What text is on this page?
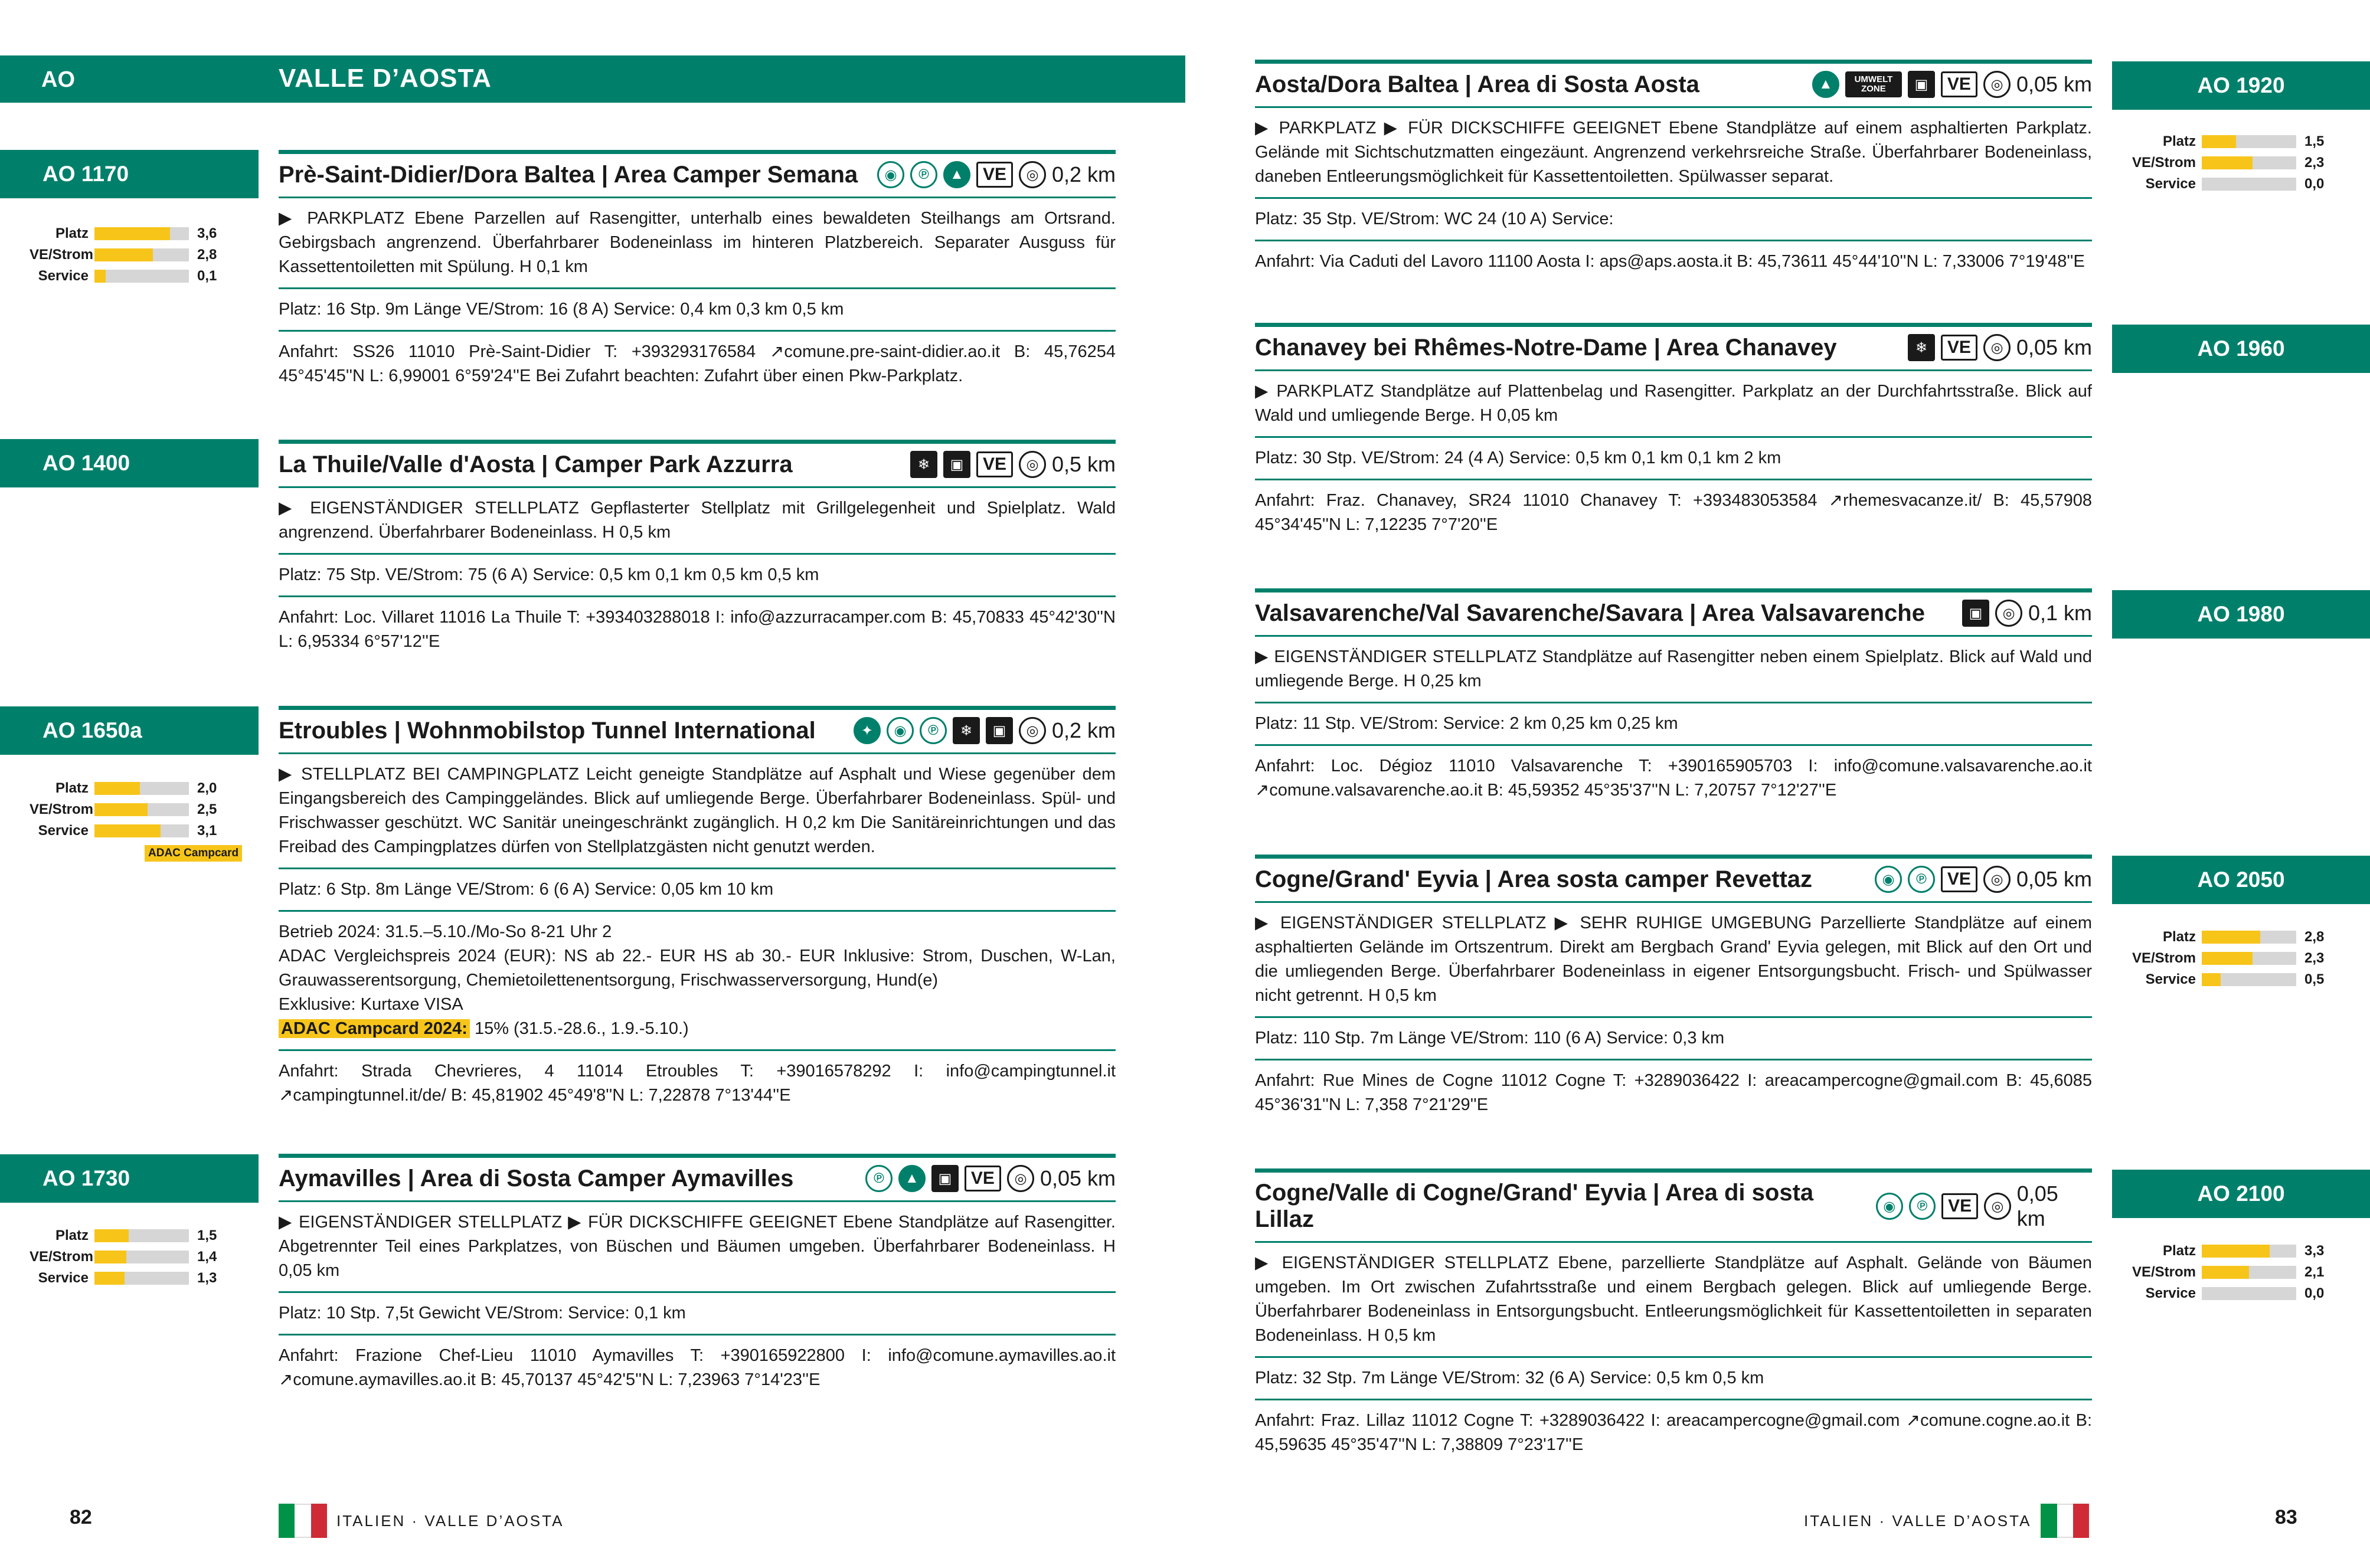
AO	VALLE D’AOSTA
AO 1170
Platz	3,6
VE/Strom	2,8
Service	0,1
Prè-Saint-Didier/Dora Baltea | Area Camper Semana	◉	℗	▲	VE	◎ 0,2 km
▶ PARKPLATZ Ebene Parzellen auf Rasengitter, unterhalb eines bewaldeten Steilhangs am Ortsrand. Gebirgsbach angrenzend. Überfahrbarer Bodeneinlass im hinteren Platzbereich. Separater Ausguss für Kassettentoiletten mit Spülung. H 0,1 km
Platz: 16 Stp. 9m Länge VE/Strom: 16 (8 A) Service: 0,4 km 0,3 km 0,5 km
Anfahrt: SS26 11010 Prè-Saint-Didier T: +393293176584 ↗comune.pre-saint-didier.ao.it B: 45,76254 45°45'45''N L: 6,99001 6°59'24''E Bei Zufahrt beachten: Zufahrt über einen Pkw-Parkplatz.
AO 1400	La Thuile/Valle d'Aosta | Camper Park Azzurra	❄	▣	VE	◎ 0,5 km
▶ EIGENSTÄNDIGER STELLPLATZ Gepflasterter Stellplatz mit Grillgelegenheit und Spielplatz. Wald angrenzend. Überfahrbarer Bodeneinlass. H 0,5 km
Platz: 75 Stp. VE/Strom: 75 (6 A) Service: 0,5 km 0,1 km 0,5 km 0,5 km
Anfahrt: Loc. Villaret 11016 La Thuile T: +393403288018 I: info@azzurracamper.com B: 45,70833 45°42'30''N L: 6,95334 6°57'12''E
AO 1650a
Platz	2,0
VE/Strom	2,5
Service	3,1
ADAC Campcard
Etroubles | Wohnmobilstop Tunnel International	✦	◉	℗	❄	▣	◎ 0,2 km
▶ STELLPLATZ BEI CAMPINGPLATZ Leicht geneigte Standplätze auf Asphalt und Wiese gegenüber dem Eingangsbereich des Campinggeländes. Blick auf umliegende Berge. Überfahrbarer Bodeneinlass. Spül- und Frischwasser geschützt. WC Sanitär uneingeschränkt zugänglich. H 0,2 km Die Sanitäreinrichtungen und das Freibad des Campingplatzes dürfen von Stellplatzgästen nicht genutzt werden.
Platz: 6 Stp. 8m Länge VE/Strom: 6 (6 A) Service: 0,05 km 10 km
Betrieb 2024: 31.5.–5.10./Mo-So 8-21 Uhr 2
ADAC Vergleichspreis 2024 (EUR): NS ab 22.- EUR HS ab 30.- EUR Inklusive: Strom, Duschen, W-Lan, Grauwasserentsorgung, Chemietoilettenentsorgung, Frischwasserversorgung, Hund(e)
Exklusive: Kurtaxe VISA
ADAC Campcard 2024: 15% (31.5.-28.6., 1.9.-5.10.)
Anfahrt: Strada Chevrieres, 4 11014 Etroubles T: +39016578292 I: info@campingtunnel.it ↗campingtunnel.it/de/ B: 45,81902 45°49'8''N L: 7,22878 7°13'44''E
AO 1730
Platz	1,5
VE/Strom	1,4
Service	1,3
Aymavilles | Area di Sosta Camper Aymavilles	℗	▲	▣	VE	◎ 0,05 km
▶ EIGENSTÄNDIGER STELLPLATZ ▶ FÜR DICKSCHIFFE GEEIGNET Ebene Standplätze auf Rasengitter. Abgetrennter Teil eines Parkplatzes, von Büschen und Bäumen umgeben. Überfahrbarer Bodeneinlass. H 0,05 km
Platz: 10 Stp. 7,5t Gewicht VE/Strom: Service: 0,1 km
Anfahrt: Frazione Chef-Lieu 11010 Aymavilles T: +390165922800 I: info@comune.aymavilles.ao.it ↗comune.aymavilles.ao.it B: 45,70137 45°42'5''N L: 7,23963 7°14'23''E
AO 1920
Platz	1,5
VE/Strom	2,3
Service	0,0
Aosta/Dora Baltea | Area di Sosta Aosta	▲	UMWELT ZONE	▣	VE	◎ 0,05 km
▶ PARKPLATZ ▶ FÜR DICKSCHIFFE GEEIGNET Ebene Standplätze auf einem asphaltierten Parkplatz. Gelände mit Sichtschutzmatten eingezäunt. Angrenzend verkehrsreiche Straße. Überfahrbarer Bodeneinlass, daneben Entleerungsmöglichkeit für Kassettentoiletten. Spülwasser separat.
Platz: 35 Stp. VE/Strom: WC 24 (10 A) Service:
Anfahrt: Via Caduti del Lavoro 11100 Aosta I: aps@aps.aosta.it B: 45,73611 45°44'10''N L: 7,33006 7°19'48''E
AO 1960
Chanavey bei Rhêmes-Notre-Dame | Area Chanavey	❄	VE	◎ 0,05 km
▶ PARKPLATZ Standplätze auf Plattenbelag und Rasengitter. Parkplatz an der Durchfahrtsstraße. Blick auf Wald und umliegende Berge. H 0,05 km
Platz: 30 Stp. VE/Strom: 24 (4 A) Service: 0,5 km 0,1 km 0,1 km 2 km
Anfahrt: Fraz. Chanavey, SR24 11010 Chanavey T: +393483053584 ↗rhemesvacanze.it/ B: 45,57908 45°34'45''N L: 7,12235 7°7'20''E
AO 1980
Valsavarenche/Val Savarenche/Savara | Area Valsavarenche	▣	◎ 0,1 km
▶ EIGENSTÄNDIGER STELLPLATZ Standplätze auf Rasengitter neben einem Spielplatz. Blick auf Wald und umliegende Berge. H 0,25 km
Platz: 11 Stp. VE/Strom: Service: 2 km 0,25 km 0,25 km
Anfahrt: Loc. Dégioz 11010 Valsavarenche T: +390165905703 I: info@comune.valsavarenche.ao.it ↗comune.valsavarenche.ao.it B: 45,59352 45°35'37''N L: 7,20757 7°12'27''E
AO 2050
Platz	2,8
VE/Strom	2,3
Service	0,5
Cogne/Grand' Eyvia | Area sosta camper Revettaz	◉	℗	VE	◎ 0,05 km
▶ EIGENSTÄNDIGER STELLPLATZ ▶ SEHR RUHIGE UMGEBUNG Parzellierte Standplätze auf einem asphaltierten Gelände im Ortszentrum. Direkt am Bergbach Grand' Eyvia gelegen, mit Blick auf den Ort und die umliegenden Berge. Überfahrbarer Bodeneinlass in eigener Entsorgungsbucht. Frisch- und Spülwasser nicht getrennt. H 0,5 km
Platz: 110 Stp. 7m Länge VE/Strom: 110 (6 A) Service: 0,3 km
Anfahrt: Rue Mines de Cogne 11012 Cogne T: +3289036422 I: areacampercogne@gmail.com B: 45,6085 45°36'31''N L: 7,358 7°21'29''E
AO 2100
Platz	3,3
VE/Strom	2,1
Service	0,0
Cogne/Valle di Cogne/Grand' Eyvia | Area di sosta Lillaz	◉	℗	VE	◎
0,05 km
▶ EIGENSTÄNDIGER STELLPLATZ Ebene, parzellierte Standplätze auf Asphalt. Gelände von Bäumen umgeben. Im Ort zwischen Zufahrtsstraße und einem Bergbach gelegen. Blick auf umliegende Berge. Überfahrbarer Bodeneinlass in Entsorgungsbucht. Entleerungsmöglichkeit für Kassettentoiletten in separaten Bodeneinlass. H 0,5 km
Platz: 32 Stp. 7m Länge VE/Strom: 32 (6 A) Service: 0,5 km 0,5 km
Anfahrt: Fraz. Lillaz 11012 Cogne T: +3289036422 I: areacampercogne@gmail.com ↗comune.cogne.ao.it B: 45,59635 45°35'47''N L: 7,38809 7°23'17''E
82	ITALIEN · VALLE D’AOSTA	ITALIEN · VALLE D’AOSTA	83
